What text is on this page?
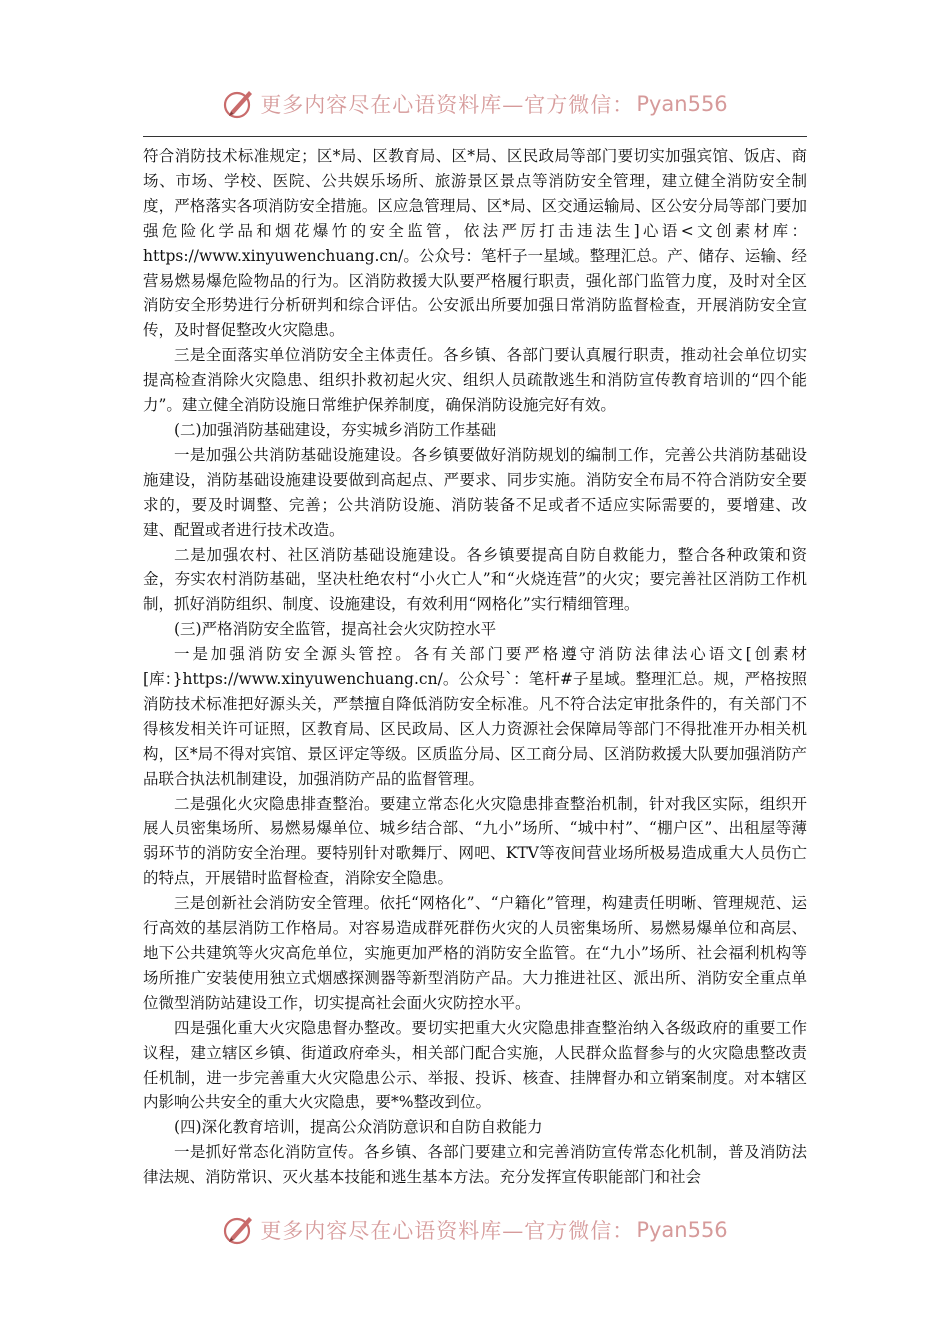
更多内容尽在心语资料库—官方微信： Pyan556

符合消防技术标准规定；区*局、区教育局、区*局、区民政局等部门要切实加强宾馆、饭店、商场、市场、学校、医院、公共娱乐场所、旅游景区景点等消防安全管理，建立健全消防安全制度，严格落实各项消防安全措施。区应急管理局、区*局、区交通运输局、区公安分局等部门要加强危险化学品和烟花爆竹的安全监管，依法严厉打击违法生]心语<文创素材库：https://www.xinyuwenchuang.cn/。公众号：笔杆子一星域。整理汇总。产、储存、运输、经营易燃易爆危险物品的行为。区消防救援大队要严格履行职责，强化部门监管力度，及时对全区消防安全形势进行分析研判和综合评估。公安派出所要加强日常消防监督检查，开展消防安全宣传，及时督促整改火灾隐患。

三是全面落实单位消防安全主体责任。各乡镇、各部门要认真履行职责，推动社会单位切实提高检查消除火灾隐患、组织扑救初起火灾、组织人员疏散逃生和消防宣传教育培训的“四个能力”。建立健全消防设施日常维护保养制度，确保消防设施完好有效。

(二)加强消防基础建设，夯实城乡消防工作基础

一是加强公共消防基础设施建设。各乡镇要做好消防规划的编制工作，完善公共消防基础设施建设，消防基础设施建设要做到高起点、严要求、同步实施。消防安全布局不符合消防安全要求的，要及时调整、完善；公共消防设施、消防装备不足或者不适应实际需要的，要增建、改建、配置或者进行技术改造。

二是加强农村、社区消防基础设施建设。各乡镇要提高自防自救能力，整合各种政策和资金，夯实农村消防基础，坚决杜绝农村“小火亡人”和“火烧连营”的火灾；要完善社区消防工作机制，抓好消防组织、制度、设施建设，有效利用“网格化”实行精细管理。

(三)严格消防安全监管，提高社会火灾防控水平

一是加强消防安全源头管控。各有关部门要严格遵守消防法律法心语文[创素材[库：}https://www.xinyuwenchuang.cn/。公众号`：笔杆#子星域。整理汇总。规，严格按照消防技术标准把好源头关，严禁擅自降低消防安全标准。凡不符合法定审批条件的，有关部门不得核发相关许可证照，区教育局、区民政局、区人力资源社会保障局等部门不得批准开办相关机构，区*局不得对宾馆、景区评定等级。区质监分局、区工商分局、区消防救援大队要加强消防产品联合执法机制建设，加强消防产品的监督管理。

二是强化火灾隐患排查整治。要建立常态化火灾隐患排查整治机制，针对我区实际，组织开展人员密集场所、易燃易爆单位、城乡结合部、“九小”场所、“城中村”、“棚户区”、出租屋等薄弱环节的消防安全治理。要特别针对歌舞厅、网吧、KTV等夜间营业场所极易造成重大人员伤亡的特点，开展错时监督检查，消除安全隐患。

三是创新社会消防安全管理。依托“网格化”、“户籍化”管理，构建责任明晰、管理规范、运行高效的基层消防工作格局。对容易造成群死群伤火灾的人员密集场所、易燃易爆单位和高层、地下公共建筑等火灾高危单位，实施更加严格的消防安全监管。在“九小”场所、社会福利机构等场所推广安装使用独立式烟感探测器等新型消防产品。大力推进社区、派出所、消防安全重点单位微型消防站建设工作，切实提高社会面火灾防控水平。

四是强化重大火灾隐患督办整改。要切实把重大火灾隐患排查整治纳入各级政府的重要工作议程，建立辖区乡镇、街道政府牵头，相关部门配合实施，人民群众监督参与的火灾隐患整改责任机制，进一步完善重大火灾隐患公示、举报、投诉、核查、挂牌督办和立销案制度。对本辖区内影响公共安全的重大火灾隐患，要*%整改到位。

(四)深化教育培训，提高公众消防意识和自防自救能力

一是抓好常态化消防宣传。各乡镇、各部门要建立和完善消防宣传常态化机制，普及消防法律法规、消防常识、灭火基本技能和逃生基本方法。充分发挥宣传职能部门和社会

更多内容尽在心语资料库—官方微信： Pyan556
